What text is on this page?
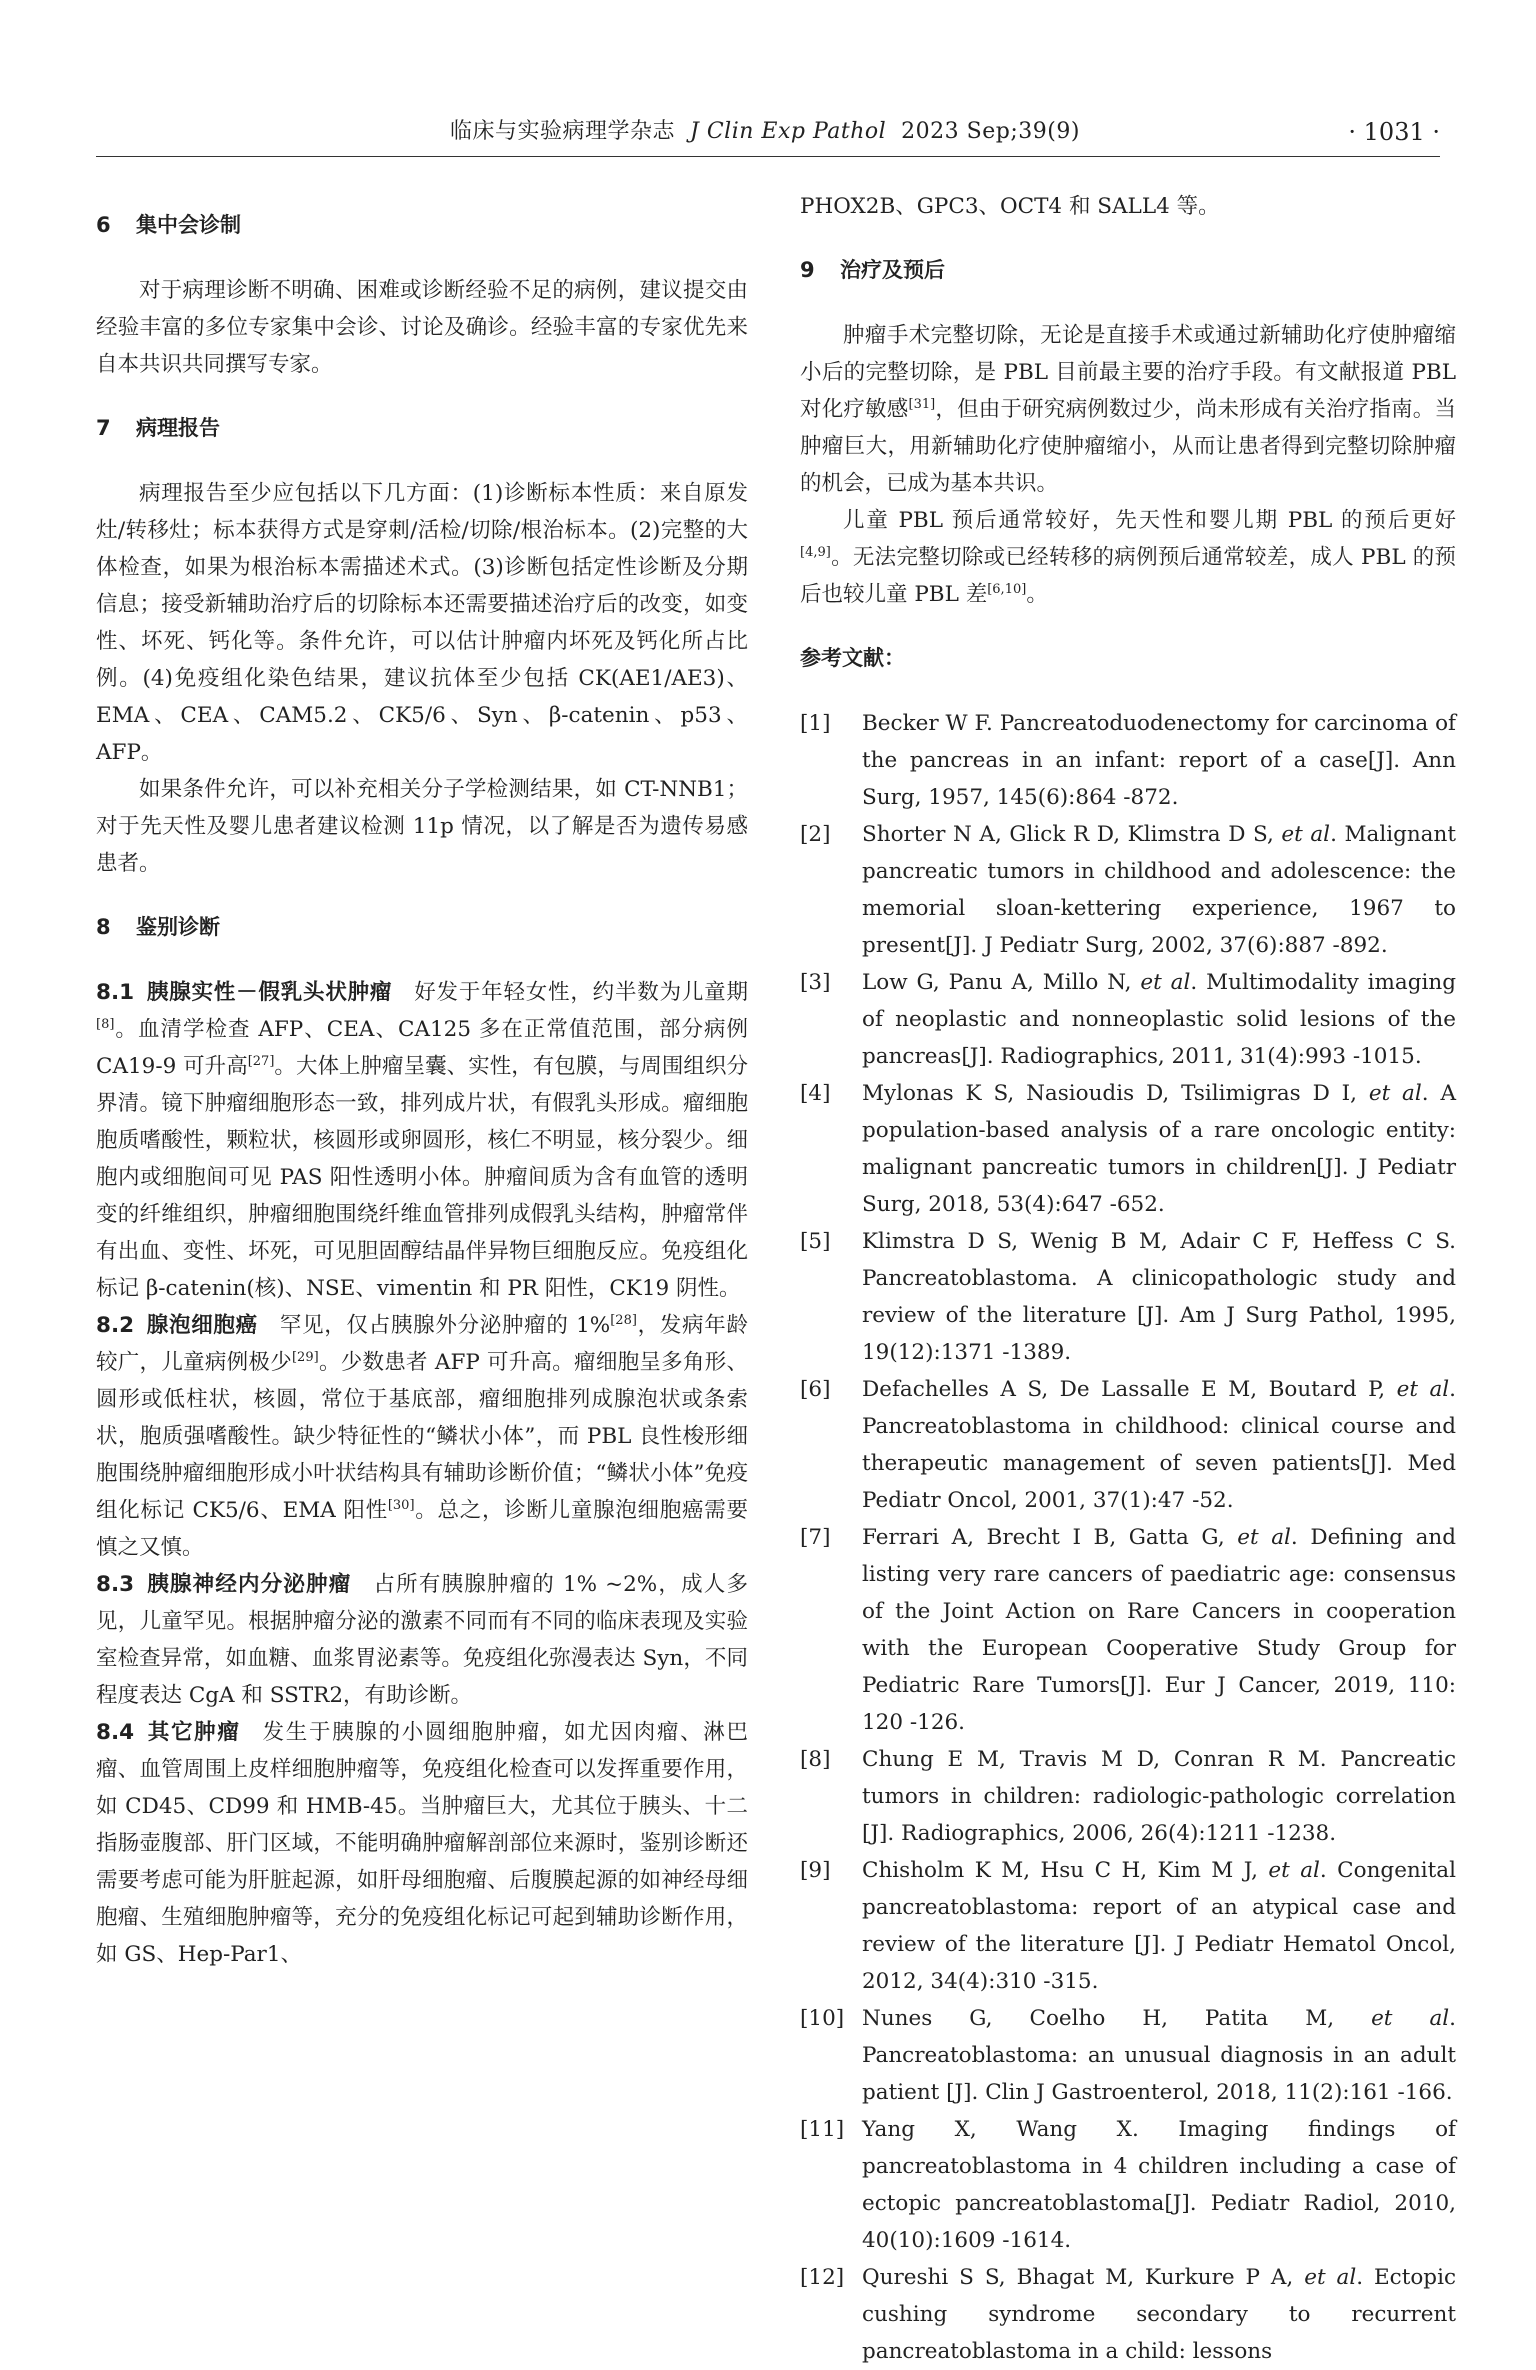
临床与实验病理学杂志 J Clin Exp Pathol 2023 Sep;39(9)	· 1031 ·
6 集中会诊制

对于病理诊断不明确、困难或诊断经验不足的病例，建议提交由经验丰富的多位专家集中会诊、讨论及确诊。经验丰富的专家优先来自本共识共同撰写专家。

7 病理报告

病理报告至少应包括以下几方面：(1)诊断标本性质：来自原发灶/转移灶；标本获得方式是穿刺/活检/切除/根治标本。(2)完整的大体检查，如果为根治标本需描述术式。(3)诊断包括定性诊断及分期信息；接受新辅助治疗后的切除标本还需要描述治疗后的改变，如变性、坏死、钙化等。条件允许，可以估计肿瘤内坏死及钙化所占比例。(4)免疫组化染色结果，建议抗体至少包括 CK(AE1/AE3)、EMA、CEA、CAM5.2、CK5/6、Syn、β-catenin、p53、AFP。

如果条件允许，可以补充相关分子学检测结果，如 CT-NNB1；对于先天性及婴儿患者建议检测 11p 情况，以了解是否为遗传易感患者。

8 鉴别诊断

8.1 胰腺实性－假乳头状肿瘤 好发于年轻女性，约半数为儿童期[8]。血清学检查 AFP、CEA、CA125 多在正常值范围，部分病例 CA19-9 可升高[27]。大体上肿瘤呈囊、实性，有包膜，与周围组织分界清。镜下肿瘤细胞形态一致，排列成片状，有假乳头形成。瘤细胞胞质嗜酸性，颗粒状，核圆形或卵圆形，核仁不明显，核分裂少。细胞内或细胞间可见 PAS 阳性透明小体。肿瘤间质为含有血管的透明变的纤维组织，肿瘤细胞围绕纤维血管排列成假乳头结构，肿瘤常伴有出血、变性、坏死，可见胆固醇结晶伴异物巨细胞反应。免疫组化标记 β-catenin(核)、NSE、vimentin 和 PR 阳性，CK19 阴性。

8.2 腺泡细胞癌 罕见，仅占胰腺外分泌肿瘤的 1%[28]，发病年龄较广，儿童病例极少[29]。少数患者 AFP 可升高。瘤细胞呈多角形、圆形或低柱状，核圆，常位于基底部，瘤细胞排列成腺泡状或条索状，胞质强嗜酸性。缺少特征性的“鳞状小体”，而 PBL 良性梭形细胞围绕肿瘤细胞形成小叶状结构具有辅助诊断价值；“鳞状小体”免疫组化标记 CK5/6、EMA 阳性[30]。总之，诊断儿童腺泡细胞癌需要慎之又慎。

8.3 胰腺神经内分泌肿瘤 占所有胰腺肿瘤的 1% ~2%，成人多见，儿童罕见。根据肿瘤分泌的激素不同而有不同的临床表现及实验室检查异常，如血糖、血浆胃泌素等。免疫组化弥漫表达 Syn，不同程度表达 CgA 和 SSTR2，有助诊断。

8.4 其它肿瘤 发生于胰腺的小圆细胞肿瘤，如尤因肉瘤、淋巴瘤、血管周围上皮样细胞肿瘤等，免疫组化检查可以发挥重要作用，如 CD45、CD99 和 HMB-45。当肿瘤巨大，尤其位于胰头、十二指肠壶腹部、肝门区域，不能明确肿瘤解剖部位来源时，鉴别诊断还需要考虑可能为肝脏起源，如肝母细胞瘤、后腹膜起源的如神经母细胞瘤、生殖细胞肿瘤等，充分的免疫组化标记可起到辅助诊断作用，如 GS、Hep-Par1、

PHOX2B、GPC3、OCT4 和 SALL4 等。

9 治疗及预后

肿瘤手术完整切除，无论是直接手术或通过新辅助化疗使肿瘤缩小后的完整切除，是 PBL 目前最主要的治疗手段。有文献报道 PBL 对化疗敏感[31]，但由于研究病例数过少，尚未形成有关治疗指南。当肿瘤巨大，用新辅助化疗使肿瘤缩小，从而让患者得到完整切除肿瘤的机会，已成为基本共识。

儿童 PBL 预后通常较好，先天性和婴儿期 PBL 的预后更好[4,9]。无法完整切除或已经转移的病例预后通常较差，成人 PBL 的预后也较儿童 PBL 差[6,10]。

参考文献：

[1] Becker W F. Pancreatoduodenectomy for carcinoma of the pancreas in an infant: report of a case[J]. Ann Surg, 1957, 145(6):864 -872.

[2] Shorter N A, Glick R D, Klimstra D S, et al. Malignant pancreatic tumors in childhood and adolescence: the memorial sloan-kettering experience, 1967 to present[J]. J Pediatr Surg, 2002, 37(6):887 -892.

[3] Low G, Panu A, Millo N, et al. Multimodality imaging of neoplastic and nonneoplastic solid lesions of the pancreas[J]. Radiographics, 2011, 31(4):993 -1015.

[4] Mylonas K S, Nasioudis D, Tsilimigras D I, et al. A population-based analysis of a rare oncologic entity: malignant pancreatic tumors in children[J]. J Pediatr Surg, 2018, 53(4):647 -652.

[5] Klimstra D S, Wenig B M, Adair C F, Heffess C S. Pancreatoblastoma. A clinicopathologic study and review of the literature [J]. Am J Surg Pathol, 1995, 19(12):1371 -1389.

[6] Defachelles A S, De Lassalle E M, Boutard P, et al. Pancreatoblastoma in childhood: clinical course and therapeutic management of seven patients[J]. Med Pediatr Oncol, 2001, 37(1):47 -52.

[7] Ferrari A, Brecht I B, Gatta G, et al. Defining and listing very rare cancers of paediatric age: consensus of the Joint Action on Rare Cancers in cooperation with the European Cooperative Study Group for Pediatric Rare Tumors[J]. Eur J Cancer, 2019, 110: 120 -126.

[8] Chung E M, Travis M D, Conran R M. Pancreatic tumors in children: radiologic-pathologic correlation [J]. Radiographics, 2006, 26(4):1211 -1238.

[9] Chisholm K M, Hsu C H, Kim M J, et al. Congenital pancreatoblastoma: report of an atypical case and review of the literature [J]. J Pediatr Hematol Oncol, 2012, 34(4):310 -315.

[10] Nunes G, Coelho H, Patita M, et al. Pancreatoblastoma: an unusual diagnosis in an adult patient [J]. Clin J Gastroenterol, 2018, 11(2):161 -166.

[11] Yang X, Wang X. Imaging findings of pancreatoblastoma in 4 children including a case of ectopic pancreatoblastoma[J]. Pediatr Radiol, 2010, 40(10):1609 -1614.

[12] Qureshi S S, Bhagat M, Kurkure P A, et al. Ectopic cushing syndrome secondary to recurrent pancreatoblastoma in a child: lessons
